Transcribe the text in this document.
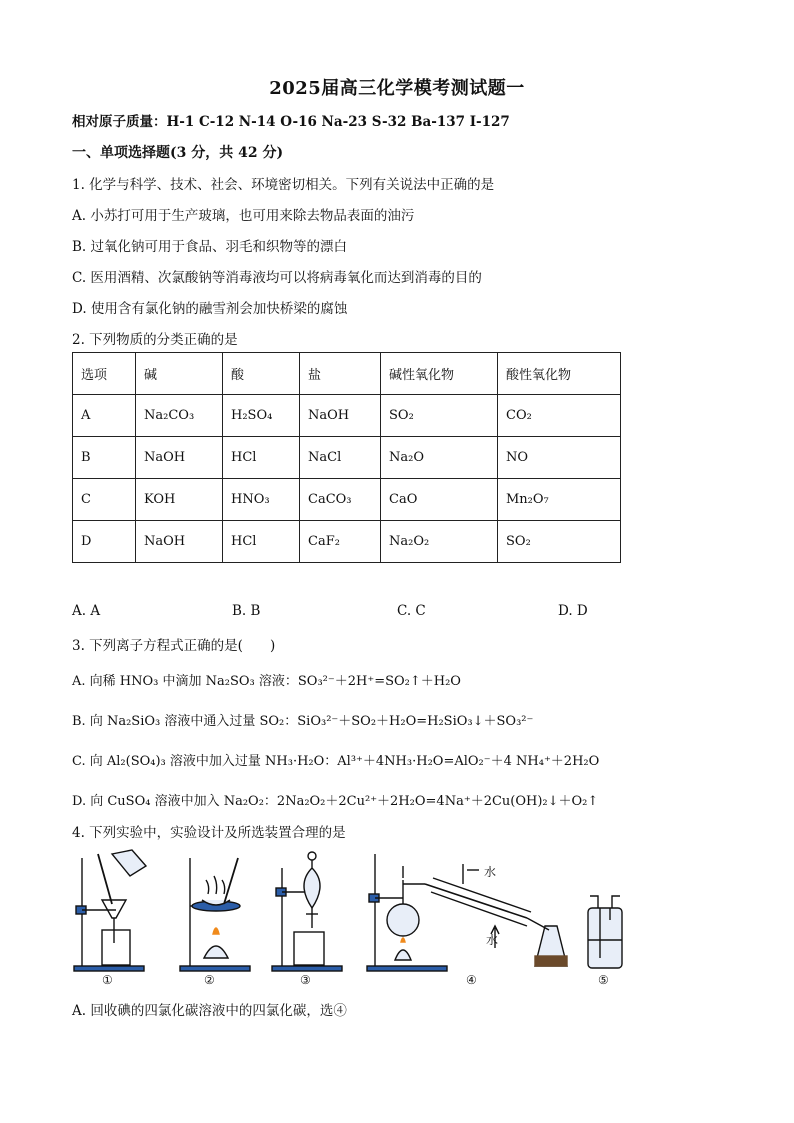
2025届高三化学模考测试题一
相对原子质量：H-1 C-12 N-14 O-16 Na-23 S-32 Ba-137 I-127
一、单项选择题(3 分，共 42 分)
1. 化学与科学、技术、社会、环境密切相关。下列有关说法中正确的是
A. 小苏打可用于生产玻璃，也可用来除去物品表面的油污
B. 过氧化钠可用于食品、羽毛和织物等的漂白
C. 医用酒精、次氯酸钠等消毒液均可以将病毒氧化而达到消毒的目的
D. 使用含有氯化钠的融雪剂会加快桥梁的腐蚀
2. 下列物质的分类正确的是
选项	碱	酸	盐	碱性氧化物	酸性氧化物
A	Na₂CO₃	H₂SO₄	NaOH	SO₂	CO₂
B	NaOH	HCl	NaCl	Na₂O	NO
C	KOH	HNO₃	CaCO₃	CaO	Mn₂O₇
D	NaOH	HCl	CaF₂	Na₂O₂	SO₂
A. A	B. B	C. C	D. D
3. 下列离子方程式正确的是(　　)
A. 向稀 HNO₃ 中滴加 Na₂SO₃ 溶液：SO₃²⁻＋2H⁺=SO₂↑＋H₂O
B. 向 Na₂SiO₃ 溶液中通入过量 SO₂：SiO₃²⁻＋SO₂＋H₂O=H₂SiO₃↓＋SO₃²⁻
C. 向 Al₂(SO₄)₃ 溶液中加入过量 NH₃·H₂O：Al³⁺＋4NH₃·H₂O=AlO₂⁻＋4 NH₄⁺＋2H₂O
D. 向 CuSO₄ 溶液中加入 Na₂O₂：2Na₂O₂＋2Cu²⁺＋2H₂O=4Na⁺＋2Cu(OH)₂↓＋O₂↑
4. 下列实验中，实验设计及所选装置合理的是
①	②	③	④	⑤
水
水
A. 回收碘的四氯化碳溶液中的四氯化碳，选④
